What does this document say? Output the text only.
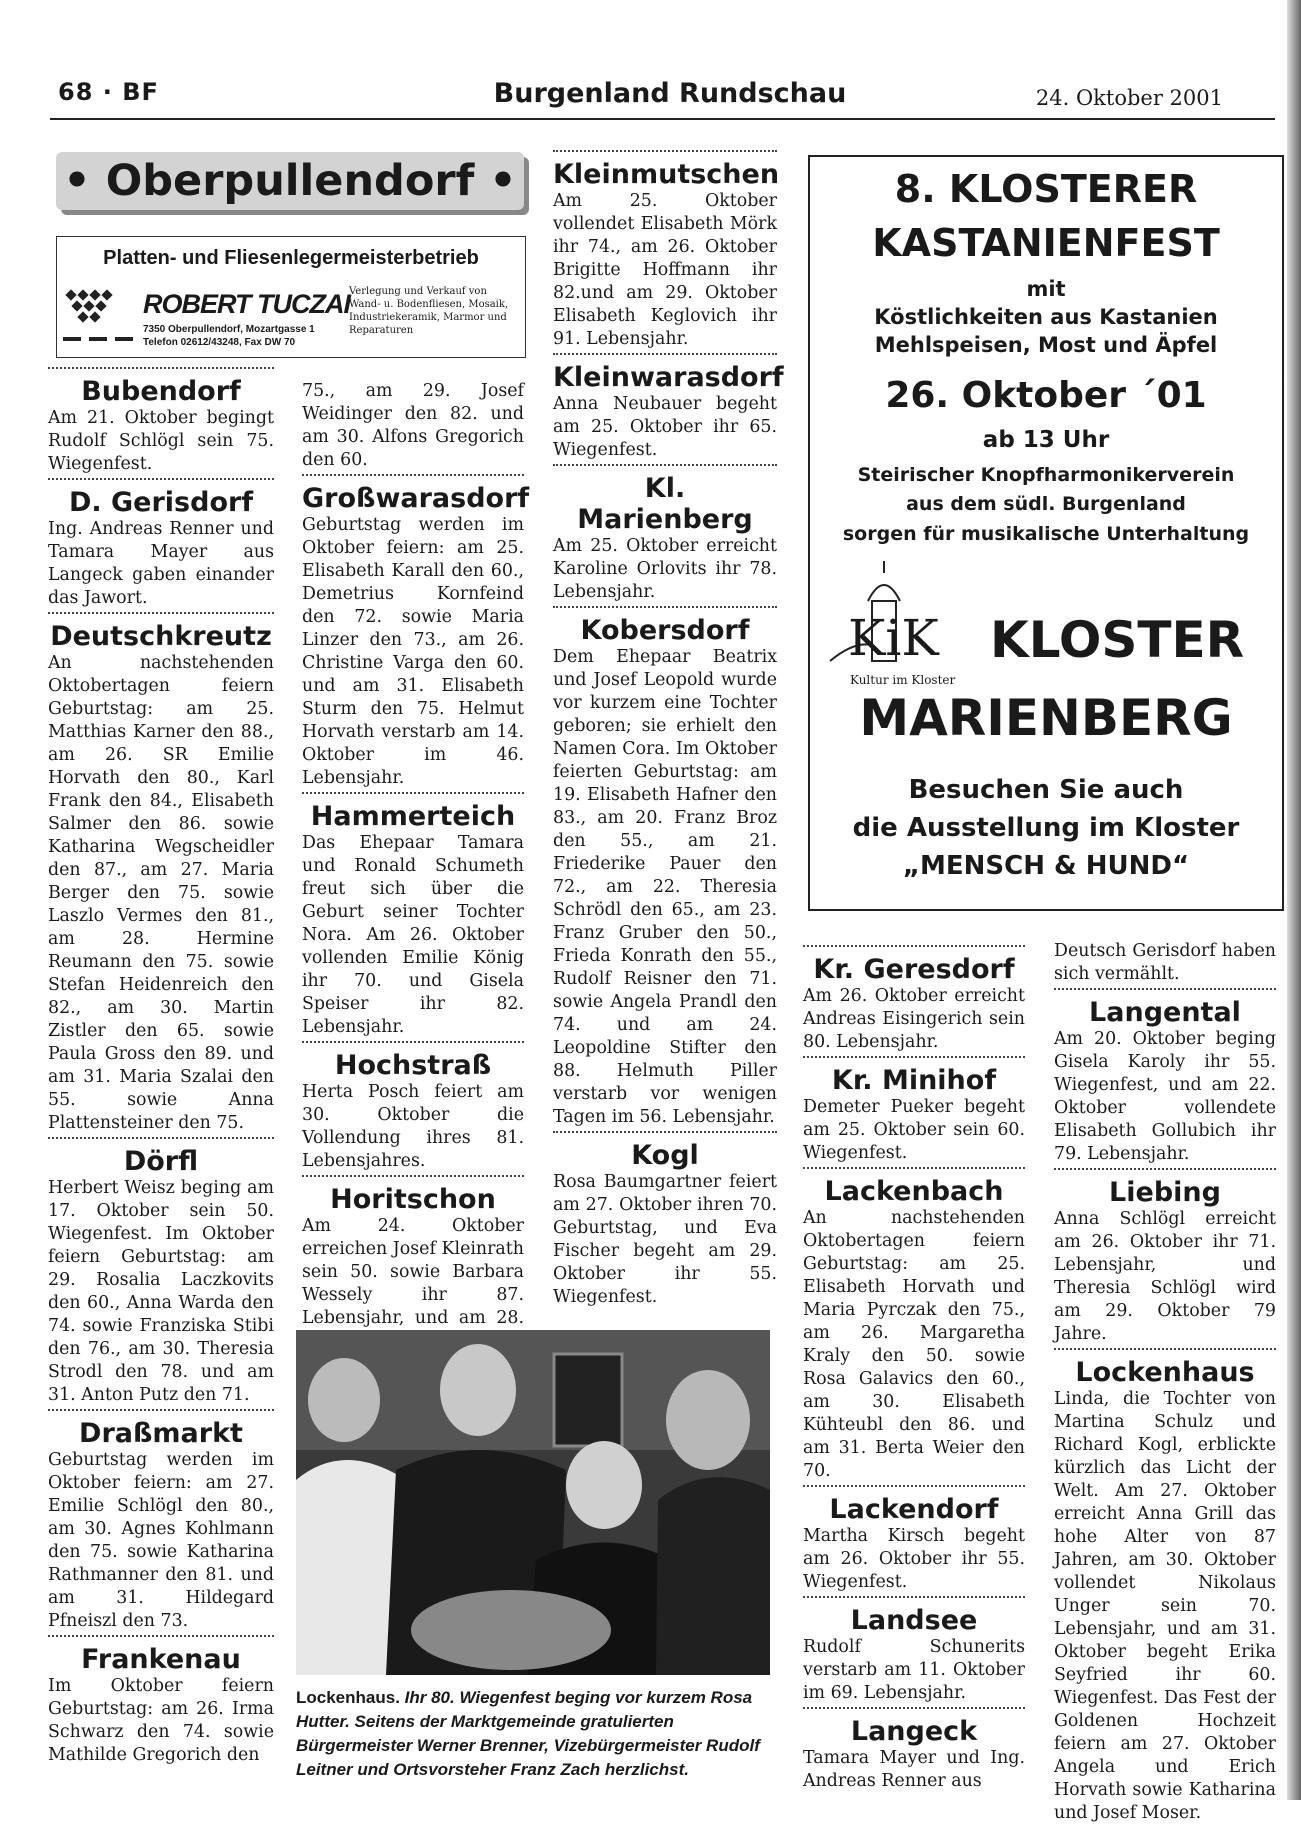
68 · BF	Burgenland Rundschau	24. Oktober 2001
• Oberpullendorf •
Platten- und Fliesenlegermeisterbetrieb
ROBERT TUCZAI
7350 Oberpullendorf, Mozartgasse 1
Telefon 02612/43248, Fax DW 70
Verlegung und Verkauf von Wand- u. Bodenfliesen, Mosaik, Industriekeramik, Marmor und Reparaturen
Bubendorf

Am 21. Oktober begingt Rudolf Schlögl sein 75. Wiegenfest.

D. Gerisdorf

Ing. Andreas Renner und Tamara Mayer aus Langeck gaben einander das Jawort.

Deutschkreutz

An nachstehenden Oktobertagen feiern Geburtstag: am 25. Matthias Karner den 88., am 26. SR Emilie Horvath den 80., Karl Frank den 84., Elisabeth Salmer den 86. sowie Katharina Wegscheidler den 87., am 27. Maria Berger den 75. sowie Laszlo Vermes den 81., am 28. Hermine Reumann den 75. sowie Stefan Heidenreich den 82., am 30. Martin Zistler den 65. sowie Paula Gross den 89. und am 31. Maria Szalai den 55. sowie Anna Plattensteiner den 75.

Dörfl

Herbert Weisz beging am 17. Oktober sein 50. Wiegenfest. Im Oktober feiern Geburtstag: am 29. Rosalia Laczkovits den 60., Anna Warda den 74. sowie Franziska Stibi den 76., am 30. Theresia Strodl den 78. und am 31. Anton Putz den 71.

Draßmarkt

Geburtstag werden im Oktober feiern: am 27. Emilie Schlögl den 80., am 30. Agnes Kohlmann den 75. sowie Katharina Rathmanner den 81. und am 31. Hildegard Pfneiszl den 73.

Frankenau

Im Oktober feiern Geburtstag: am 26. Irma Schwarz den 74. sowie Mathilde Gregorich den

75., am 29. Josef Weidinger den 82. und am 30. Alfons Gregorich den 60.

Großwarasdorf

Geburtstag werden im Oktober feiern: am 25. Elisabeth Karall den 60., Demetrius Kornfeind den 72. sowie Maria Linzer den 73., am 26. Christine Varga den 60. und am 31. Elisabeth Sturm den 75. Helmut Horvath verstarb am 14. Oktober im 46. Lebensjahr.

Hammerteich

Das Ehepaar Tamara und Ronald Schumeth freut sich über die Geburt seiner Tochter Nora. Am 26. Oktober vollenden Emilie König ihr 70. und Gisela Speiser ihr 82. Lebensjahr.

Hochstraß

Herta Posch feiert am 30. Oktober die Vollendung ihres 81. Lebensjahres.

Horitschon

Am 24. Oktober erreichen Josef Kleinrath sein 50. sowie Barbara Wessely ihr 87. Lebensjahr, und am 28.

Kleinmutschen

Am 25. Oktober vollendet Elisabeth Mörk ihr 74., am 26. Oktober Brigitte Hoffmann ihr 82.und am 29. Oktober Elisabeth Keglovich ihr 91. Lebensjahr.

Kleinwarasdorf

Anna Neubauer begeht am 25. Oktober ihr 65. Wiegenfest.

Kl. Marienberg

Am 25. Oktober erreicht Karoline Orlovits ihr 78. Lebensjahr.

Kobersdorf

Dem Ehepaar Beatrix und Josef Leopold wurde vor kurzem eine Tochter geboren; sie erhielt den Namen Cora. Im Oktober feierten Geburtstag: am 19. Elisabeth Hafner den 83., am 20. Franz Broz den 55., am 21. Friederike Pauer den 72., am 22. Theresia Schrödl den 65., am 23. Franz Gruber den 50., Frieda Konrath den 55., Rudolf Reisner den 71. sowie Angela Prandl den 74. und am 24. Leopoldine Stifter den 88. Helmuth Piller verstarb vor wenigen Tagen im 56. Lebensjahr.

Kogl

Rosa Baumgartner feiert am 27. Oktober ihren 70. Geburtstag, und Eva Fischer begeht am 29. Oktober ihr 55. Wiegenfest.

8. KLOSTERER
KASTANIENFEST
mit
Köstlichkeiten aus Kastanien
Mehlspeisen, Most und Äpfel
26. Oktober ´01
ab 13 Uhr
Steirischer Knopfharmonikerverein
aus dem südl. Burgenland
sorgen für musikalische Unterhaltung
KiK
Kultur im Kloster
KLOSTER
MARIENBERG
Besuchen Sie auch
die Ausstellung im Kloster
„MENSCH & HUND“
Kr. Geresdorf

Am 26. Oktober erreicht Andreas Eisingerich sein 80. Lebensjahr.

Kr. Minihof

Demeter Pueker begeht am 25. Oktober sein 60. Wiegenfest.

Lackenbach

An nachstehenden Oktobertagen feiern Geburtstag: am 25. Elisabeth Horvath und Maria Pyrczak den 75., am 26. Margaretha Kraly den 50. sowie Rosa Galavics den 60., am 30. Elisabeth Kühteubl den 86. und am 31. Berta Weier den 70.

Lackendorf

Martha Kirsch begeht am 26. Oktober ihr 55. Wiegenfest.

Landsee

Rudolf Schunerits verstarb am 11. Oktober im 69. Lebensjahr.

Langeck

Tamara Mayer und Ing. Andreas Renner aus

Deutsch Gerisdorf haben sich vermählt.

Langental

Am 20. Oktober beging Gisela Karoly ihr 55. Wiegenfest, und am 22. Oktober vollendete Elisabeth Gollubich ihr 79. Lebensjahr.

Liebing

Anna Schlögl erreicht am 26. Oktober ihr 71. Lebensjahr, und Theresia Schlögl wird am 29. Oktober 79 Jahre.

Lockenhaus

Linda, die Tochter von Martina Schulz und Richard Kogl, erblickte kürzlich das Licht der Welt. Am 27. Oktober erreicht Anna Grill das hohe Alter von 87 Jahren, am 30. Oktober vollendet Nikolaus Unger sein 70. Lebensjahr, und am 31. Oktober begeht Erika Seyfried ihr 60. Wiegenfest. Das Fest der Goldenen Hochzeit feiern am 27. Oktober Angela und Erich Horvath sowie Katharina und Josef Moser.

Lockenhaus. Ihr 80. Wiegenfest beging vor kurzem Rosa Hutter. Seitens der Marktgemeinde gratulierten Bürgermeister Werner Brenner, Vizebürgermeister Rudolf Leitner und Ortsvorsteher Franz Zach herzlichst.
